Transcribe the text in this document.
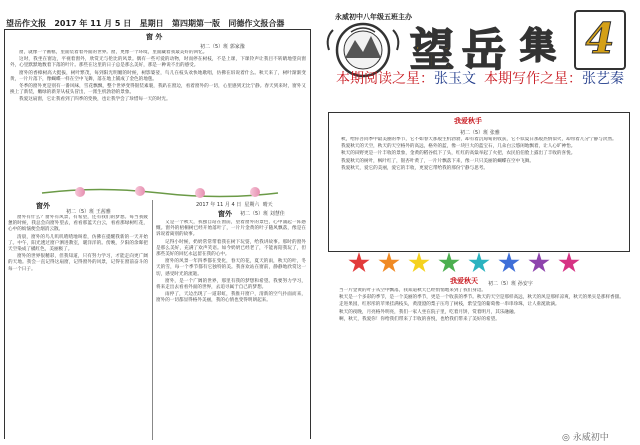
望岳作文报 2017 年 11 月 5 日 星期日 第四期第一版 同德作文报合器
窗 外
初二（5）班 郭家豫

窗，就像一个画框，里面装着着外面的世界。窗，更像一个环境，里面藏着我最美好的回忆。

这时，我坐在窗边，平视着窗外，欣赏无与伦比的风景。偶有一些可爱的动物，时而停在树枝，不是上课，下课铃声让我目不转睛地望向窗外，心里默默地数着下落的叶片。那些在这里的日子总是那么美好，那是一种说不出的感受。

窗外的香樟树高大挺拔，树叶繁茂，每到阳光明媚的时候，树影婆娑，鸟儿在枝头欢快地歌唱，仿佛在诉说着什么。秋天来了，树叶渐渐变黄，一片片落下，像蝴蝶一样在空中飞舞，落在地上铺成了金色的地毯。

冬季的窗外更是别有一番风味，雪花飘飘，整个世界变得银装素裹，我趴在窗边，看着窗外的一切，心里感到无比宁静。春天到来时，窗外又换上了新装，嫩绿的新芽从枝头冒出，一派生机勃勃的景象。

我爱这扇窗，它让我看到了四季的变换，也让我学会了珍惜每一天的时光。

窗外
初二（5）班 王茜雅

窗外有什么？窗外有风景，有希望，还有我们的梦想。每当我疲惫的时候，我总会向窗外望去，看看那蓝天白云，看看那绿树红花，心中的烦恼便会烟消云散。

清晨，窗外的鸟儿叽叽喳喳地叫着，仿佛在提醒我新的一天开始了。中午，阳光透过窗户洒进教室，暖洋洋的。傍晚，夕阳的余晖把天空染成了橘红色，美丽极了。

窗外的世界很精彩，但我知道，只有努力学习，才能走向更广阔的天地。我会一直记得这扇窗，记得窗外的风景，记得在窗前奋斗的每一个日子。

2017 年 11 月 4 日 星期六 晴天
窗外 初二（5）班 刘慧佳

又是一个秋天，我独自站在窗前，望着窗外的景色，心中涌起一阵感慨。窗外的梧桐树已经开始落叶了，一片片金黄的叶子随风飘落，像是在诉说着离别的故事。

记得小时候，奶奶常常带着我在树下玩耍，给我讲故事。那时的窗外是那么美好，充满了欢声笑语。如今奶奶已经老了，不能再陪我玩了，但那些美好的回忆永远留在我的心中。

窗外的风景一年四季都在变化，春天的花，夏天的雨，秋天的叶，冬天的雪，每一个季节都有它独特的美。我喜欢站在窗前，静静地欣赏这一切，感受时光的流逝。

窗外，是一个广阔的世界，那里有我的梦想和希望。我要努力学习，将来走出去看看外面的世界，去追寻属于自己的梦想。

雨停了，天边出现了一道彩虹，我推开窗户，清新的空气扑面而来，窗外的一切都显得格外美丽，我的心情也变得明朗起来。

永威初中八年级五班主办
望 岳 集 4
本期阅读之星：张玉文 本期写作之星：张艺秦
我爱秋手
初二（5）班 张雅

秋，给你吾同季中最美丽的季节，它不如春天那般生机勃勃，却有着沉甸甸的收获，它不似夏日那般热情似火，却带着几分宁静与淡然。

我爱秋天的天空，秋天的天空格外的高远，格外的蓝，像一块巨大的蓝宝石，几朵白云悠闲地飘着，让人心旷神怡。

秋天的田野更是一片丰收的景象，金黄的稻谷低下了头，红红的高粱举起了火把，农民伯伯脸上露出了丰收的喜悦。

我爱秋天的树叶，枫叶红了，银杏叶黄了，一片片飘落下来，像一只只美丽的蝴蝶在空中飞舞。

我爱秋天，爱它的美丽，爱它的丰收，更爱它带给我的那份宁静与思考。

我爱秋天 初二（5）班 孙安宇

当一片金黄的叶子从空中飘落，我知道秋天已经悄悄地来到了我们身边。

秋天是一个多彩的季节，是一个美丽的季节，更是一个收获的季节。秋天的天空是那样高远，秋天的风是那样凉爽，秋天的果实是那样香甜。

走进果园，红彤彤的苹果挂满枝头，黄澄澄的梨子压弯了树枝，紫莹莹的葡萄像一串串珍珠，让人垂涎欲滴。

秋天的夜晚，月亮格外明亮，我们一家人坐在院子里，吃着月饼，赏着明月，其乐融融。

啊，秋天，我爱你！你给我们带来了丰收的喜悦，也给我们带来了美好的希望。

◎ 永威初中
